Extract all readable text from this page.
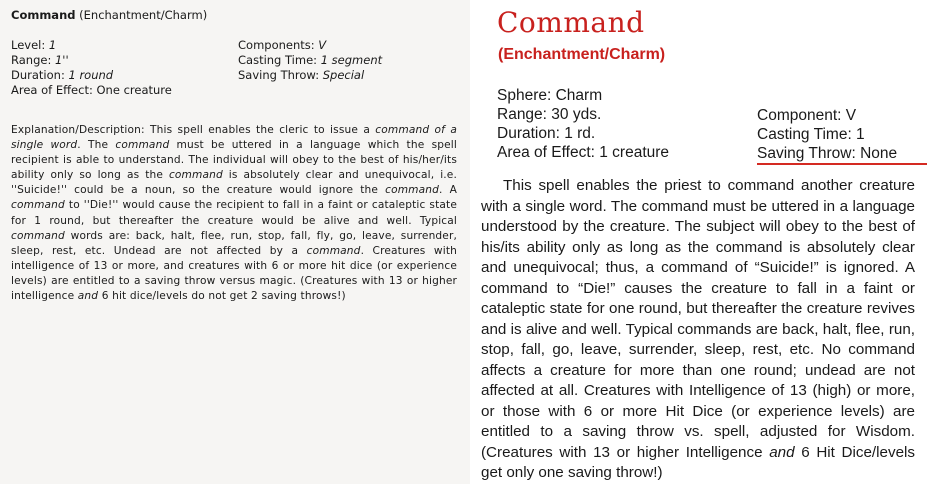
Command (Enchantment/Charm)

Level: 1
Range: 1''
Duration: 1 round
Area of Effect: One creature
Components: V
Casting Time: 1 segment
Saving Throw: Special

Explanation/Description: This spell enables the cleric to issue a command of a single word. The command must be uttered in a language which the spell recipient is able to understand. The individual will obey to the best of his/her/its ability only so long as the command is absolutely clear and unequivocal, i.e. ''Suicide!'' could be a noun, so the creature would ignore the command. A command to ''Die!'' would cause the recipient to fall in a faint or cataleptic state for 1 round, but thereafter the creature would be alive and well. Typical command words are: back, halt, flee, run, stop, fall, fly, go, leave, surrender, sleep, rest, etc. Undead are not affected by a command. Creatures with intelligence of 13 or more, and creatures with 6 or more hit dice (or experience levels) are entitled to a saving throw versus magic. (Creatures with 13 or higher intelligence and 6 hit dice/levels do not get 2 saving throws!)

Command
(Enchantment/Charm)
Sphere: Charm
Range: 30 yds.
Duration: 1 rd.
Area of Effect: 1 creature
Component: V
Casting Time: 1
Saving Throw: None

This spell enables the priest to command another creature with a single word. The command must be uttered in a language understood by the creature. The subject will obey to the best of his/its ability only as long as the command is absolutely clear and unequivocal; thus, a command of “Suicide!” is ignored. A command to “Die!” causes the creature to fall in a faint or cataleptic state for one round, but thereafter the creature revives and is alive and well. Typical commands are back, halt, flee, run, stop, fall, go, leave, surrender, sleep, rest, etc. No command affects a creature for more than one round; undead are not affected at all. Creatures with Intelligence of 13 (high) or more, or those with 6 or more Hit Dice (or experience levels) are entitled to a saving throw vs. spell, adjusted for Wisdom. (Creatures with 13 or higher Intelligence and 6 Hit Dice/levels get only one saving throw!)
